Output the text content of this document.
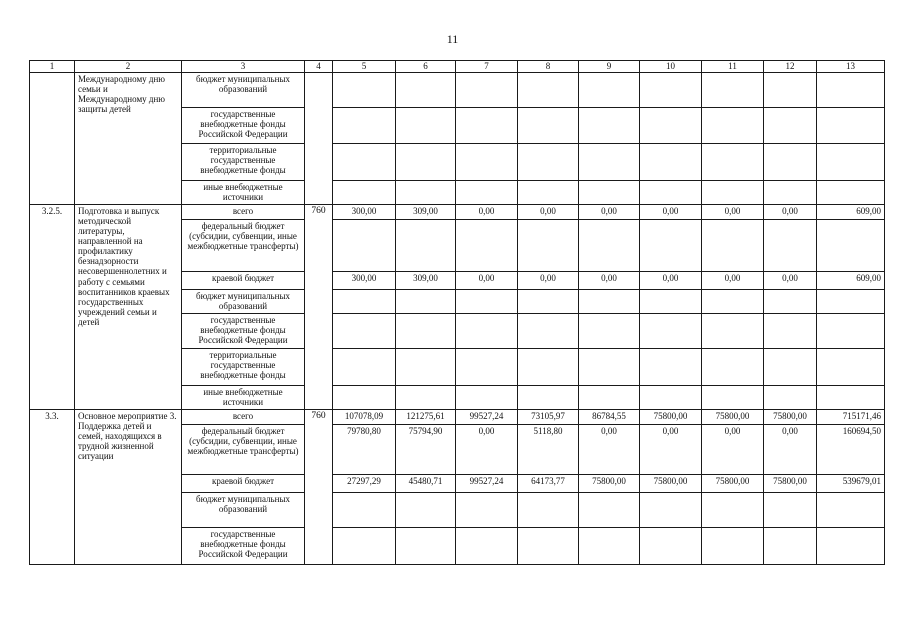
11
1	2	3	4	5	6	7	8	9	10	11	12	13
	Международному дню семьи и Международному дню защиты детей	бюджет муниципальных образований										
		государственные внебюджетные фонды Российской Федерации										
		территориальные государственные внебюджетные фонды										
		иные внебюджетные источники										
3.2.5.	Подготовка и выпуск методической литературы, направленной на профилактику безнадзорности несовершеннолетних и работу с семьями воспитанников краевых государственных учреждений семьи и детей	всего	760	300,00	309,00	0,00	0,00	0,00	0,00	0,00	0,00	609,00
		федеральный бюджет (субсидии, субвенции, иные межбюджетные трансферты)										
		краевой бюджет		300,00	309,00	0,00	0,00	0,00	0,00	0,00	0,00	609,00
		бюджет муниципальных образований										
		государственные внебюджетные фонды Российской Федерации										
		территориальные государственные внебюджетные фонды										
		иные внебюджетные источники										
3.3.	Основное мероприятие 3. Поддержка детей и семей, находящихся в трудной жизненной ситуации	всего	760	107078,09	121275,61	99527,24	73105,97	86784,55	75800,00	75800,00	75800,00	715171,46
		федеральный бюджет (субсидии, субвенции, иные межбюджетные трансферты)		79780,80	75794,90	0,00	5118,80	0,00	0,00	0,00	0,00	160694,50
		краевой бюджет		27297,29	45480,71	99527,24	64173,77	75800,00	75800,00	75800,00	75800,00	539679,01
		бюджет муниципальных образований										
		государственные внебюджетные фонды Российской Федерации										
